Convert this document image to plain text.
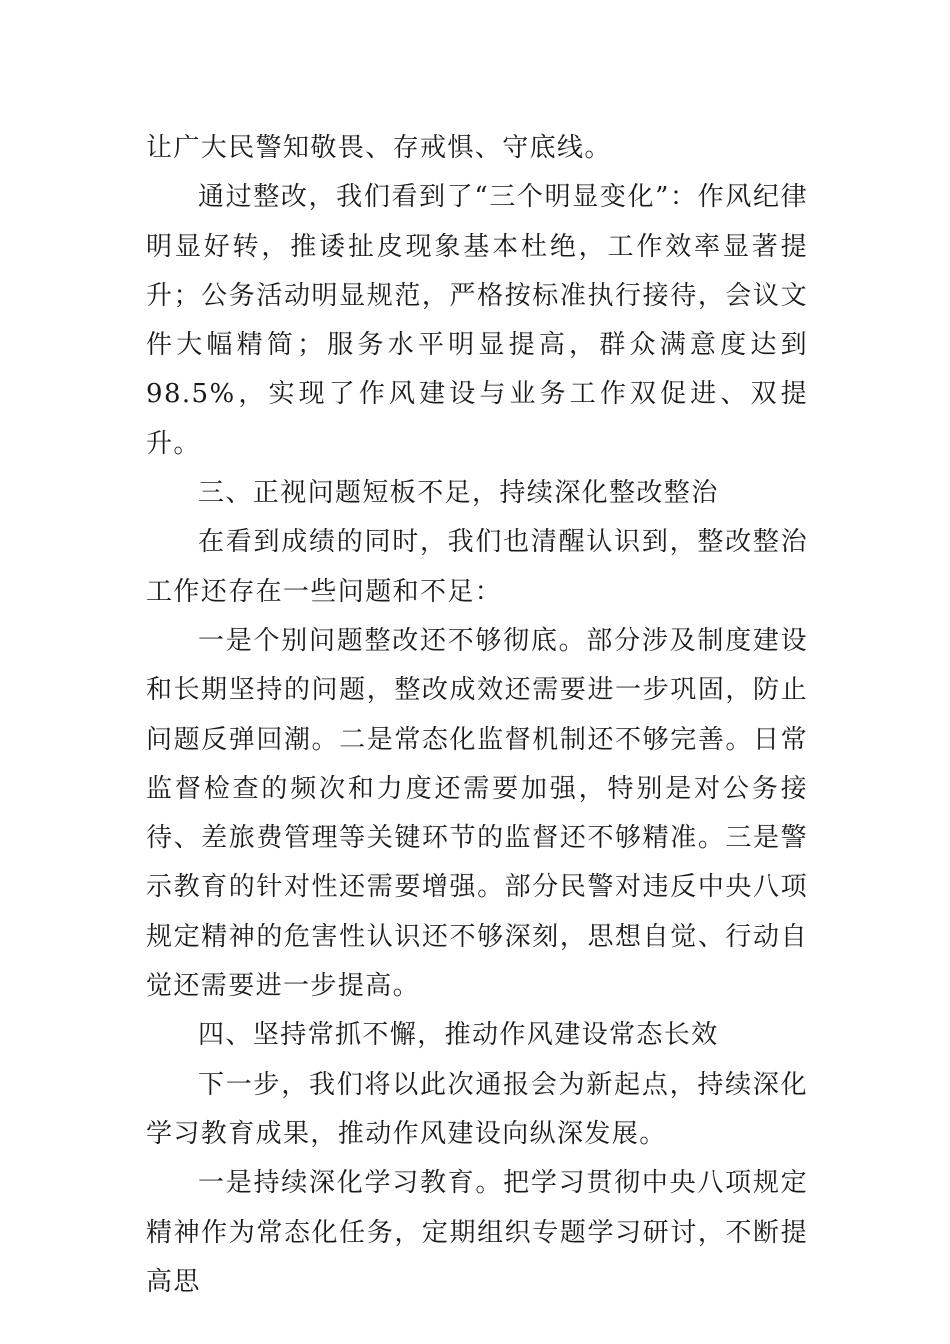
让广大民警知敬畏、存戒惧、守底线。

通过整改，我们看到了“三个明显变化”：作风纪律明显好转，推诿扯皮现象基本杜绝，工作效率显著提升；公务活动明显规范，严格按标准执行接待，会议文件大幅精简；服务水平明显提高，群众满意度达到98.5%，实现了作风建设与业务工作双促进、双提升。

三、正视问题短板不足，持续深化整改整治

在看到成绩的同时，我们也清醒认识到，整改整治工作还存在一些问题和不足：

一是个别问题整改还不够彻底。部分涉及制度建设和长期坚持的问题，整改成效还需要进一步巩固，防止问题反弹回潮。二是常态化监督机制还不够完善。日常监督检查的频次和力度还需要加强，特别是对公务接待、差旅费管理等关键环节的监督还不够精准。三是警示教育的针对性还需要增强。部分民警对违反中央八项规定精神的危害性认识还不够深刻，思想自觉、行动自觉还需要进一步提高。

四、坚持常抓不懈，推动作风建设常态长效

下一步，我们将以此次通报会为新起点，持续深化学习教育成果，推动作风建设向纵深发展。

一是持续深化学习教育。把学习贯彻中央八项规定精神作为常态化任务，定期组织专题学习研讨，不断提高思
